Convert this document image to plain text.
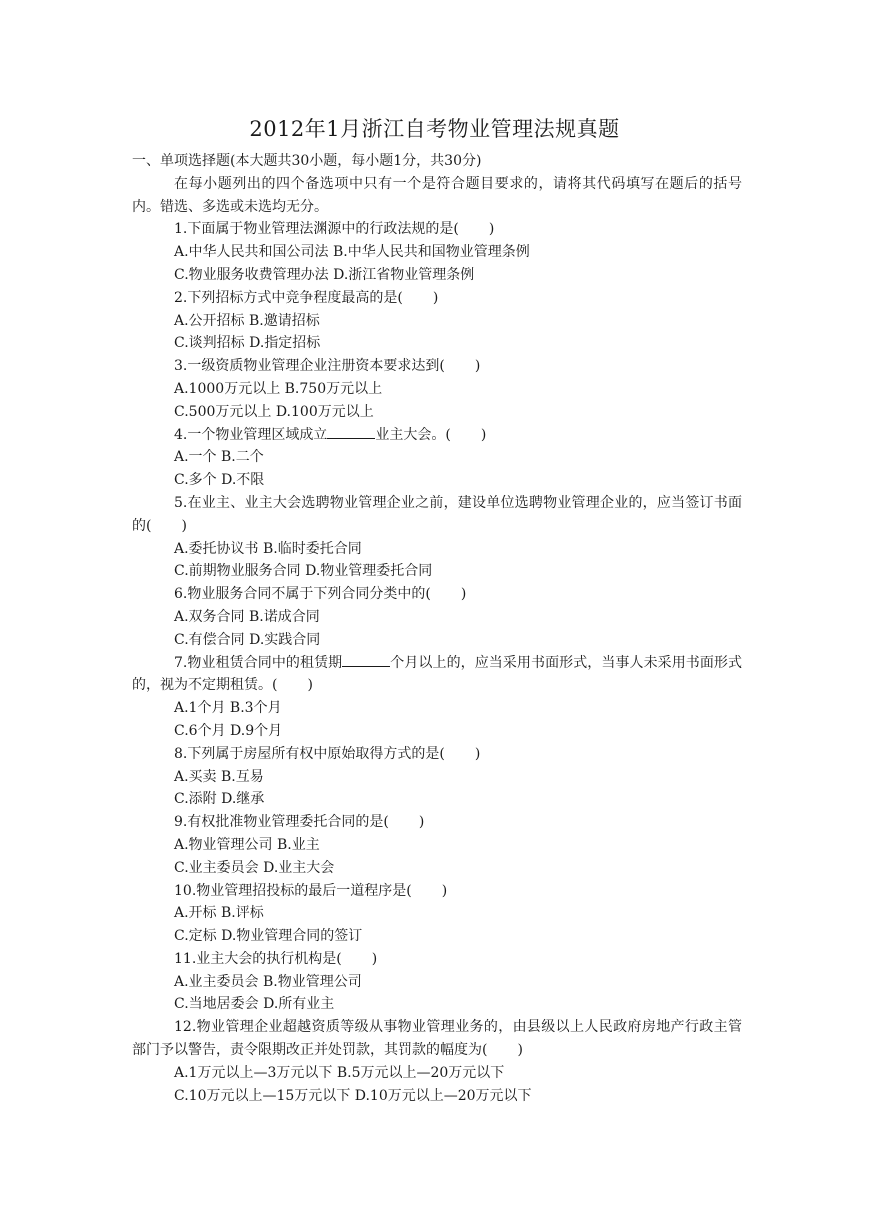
2012年1月浙江自考物业管理法规真题
一、单项选择题(本大题共30小题，每小题1分，共30分)
在每小题列出的四个备选项中只有一个是符合题目要求的，请将其代码填写在题后的括号内。错选、多选或未选均无分。
1.下面属于物业管理法渊源中的行政法规的是( )
A.中华人民共和国公司法 B.中华人民共和国物业管理条例
C.物业服务收费管理办法 D.浙江省物业管理条例
2.下列招标方式中竞争程度最高的是( )
A.公开招标 B.邀请招标
C.谈判招标 D.指定招标
3.一级资质物业管理企业注册资本要求达到( )
A.1000万元以上 B.750万元以上
C.500万元以上 D.100万元以上
4.一个物业管理区域成立	业主大会。( )
A.一个 B.二个
C.多个 D.不限
5.在业主、业主大会选聘物业管理企业之前，建设单位选聘物业管理企业的，应当签订书面的( )
A.委托协议书 B.临时委托合同
C.前期物业服务合同 D.物业管理委托合同
6.物业服务合同不属于下列合同分类中的( )
A.双务合同 B.诺成合同
C.有偿合同 D.实践合同
7.物业租赁合同中的租赁期	个月以上的，应当采用书面形式，当事人未采用书面形式的，视为不定期租赁。( )
A.1个月 B.3个月
C.6个月 D.9个月
8.下列属于房屋所有权中原始取得方式的是( )
A.买卖 B.互易
C.添附 D.继承
9.有权批准物业管理委托合同的是( )
A.物业管理公司 B.业主
C.业主委员会 D.业主大会
10.物业管理招投标的最后一道程序是( )
A.开标 B.评标
C.定标 D.物业管理合同的签订
11.业主大会的执行机构是( )
A.业主委员会 B.物业管理公司
C.当地居委会 D.所有业主
12.物业管理企业超越资质等级从事物业管理业务的，由县级以上人民政府房地产行政主管部门予以警告，责令限期改正并处罚款，其罚款的幅度为( )
A.1万元以上—3万元以下 B.5万元以上—20万元以下
C.10万元以上—15万元以下 D.10万元以上—20万元以下
